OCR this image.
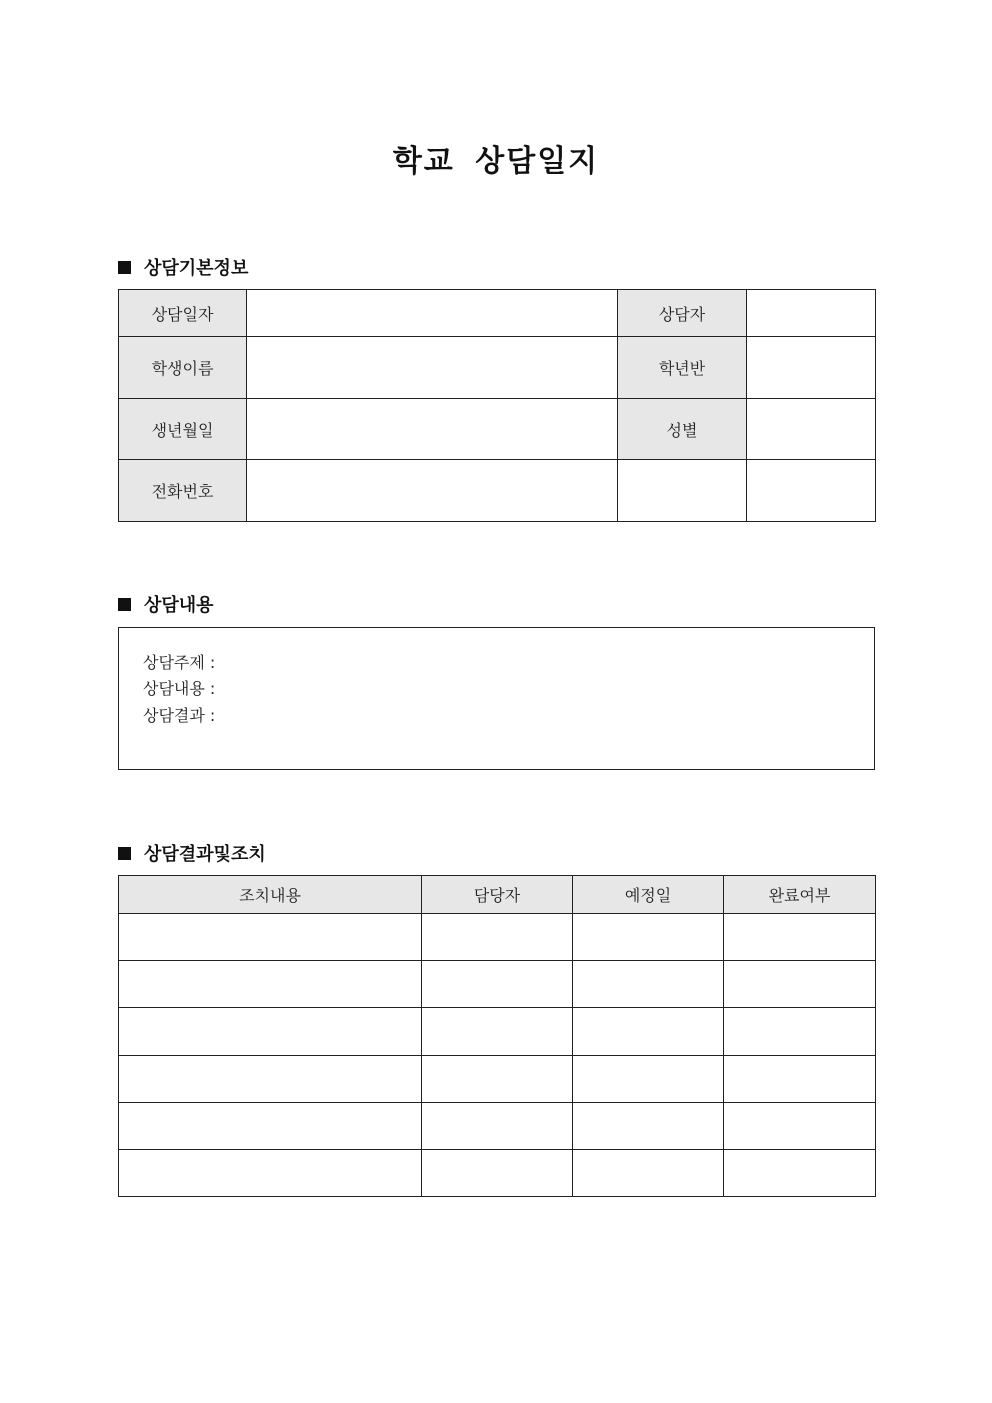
학교 상담일지
상담기본정보
상담일자		상담자	
학생이름		학년반	
생년월일		성별	
전화번호			
상담내용
상담주제 :
상담내용 :
상담결과 :
상담결과및조치
조치내용	담당자	예정일	완료여부
